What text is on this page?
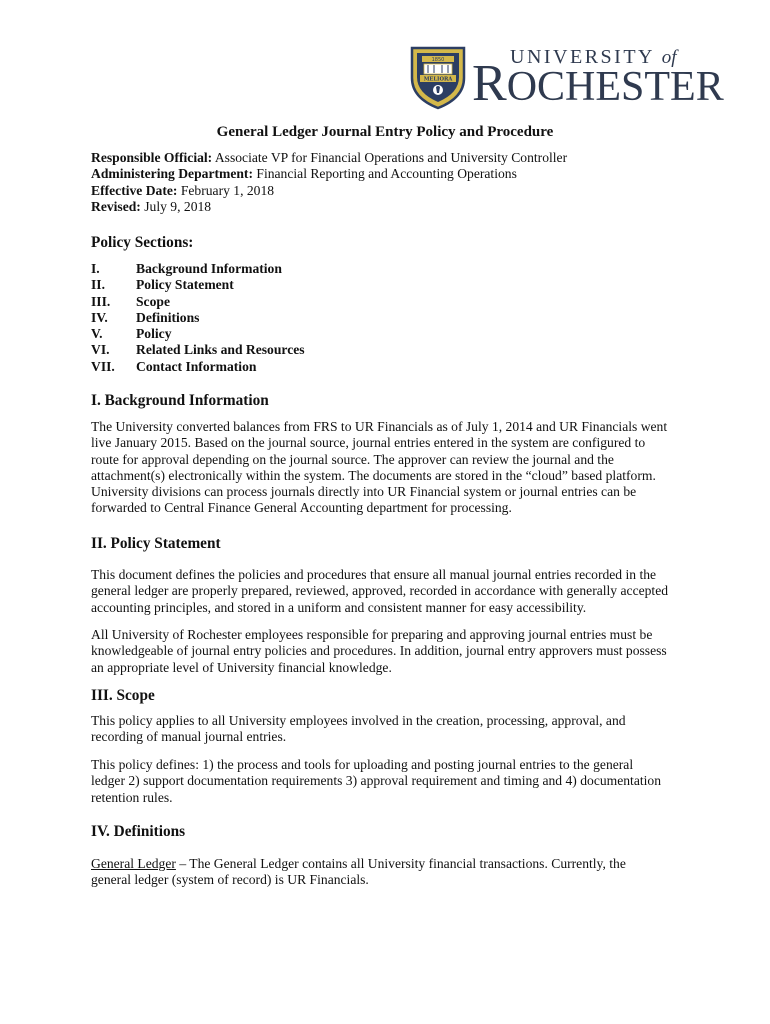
1850
MELIORA
UNIVERSITY of
ROCHESTER
General Ledger Journal Entry Policy and Procedure
Responsible Official: Associate VP for Financial Operations and University Controller
Administering Department: Financial Reporting and Accounting Operations
Effective Date: February 1, 2018
Revised: July 9, 2018
Policy Sections:
I.	Background Information
II.	Policy Statement
III.	Scope
IV.	Definitions
V.	Policy
VI.	Related Links and Resources
VII.	Contact Information
I. Background Information
The University converted balances from FRS to UR Financials as of July 1, 2014 and UR Financials went
live January 2015. Based on the journal source, journal entries entered in the system are configured to
route for approval depending on the journal source. The approver can review the journal and the
attachment(s) electronically within the system. The documents are stored in the “cloud” based platform.
University divisions can process journals directly into UR Financial system or journal entries can be
forwarded to Central Finance General Accounting department for processing.
II. Policy Statement
This document defines the policies and procedures that ensure all manual journal entries recorded in the
general ledger are properly prepared, reviewed, approved, recorded in accordance with generally accepted
accounting principles, and stored in a uniform and consistent manner for easy accessibility.
All University of Rochester employees responsible for preparing and approving journal entries must be
knowledgeable of journal entry policies and procedures. In addition, journal entry approvers must possess
an appropriate level of University financial knowledge.
III. Scope
This policy applies to all University employees involved in the creation, processing, approval, and
recording of manual journal entries.
This policy defines: 1) the process and tools for uploading and posting journal entries to the general
ledger 2) support documentation requirements 3) approval requirement and timing and 4) documentation
retention rules.
IV. Definitions
General Ledger – The General Ledger contains all University financial transactions. Currently, the
general ledger (system of record) is UR Financials.
